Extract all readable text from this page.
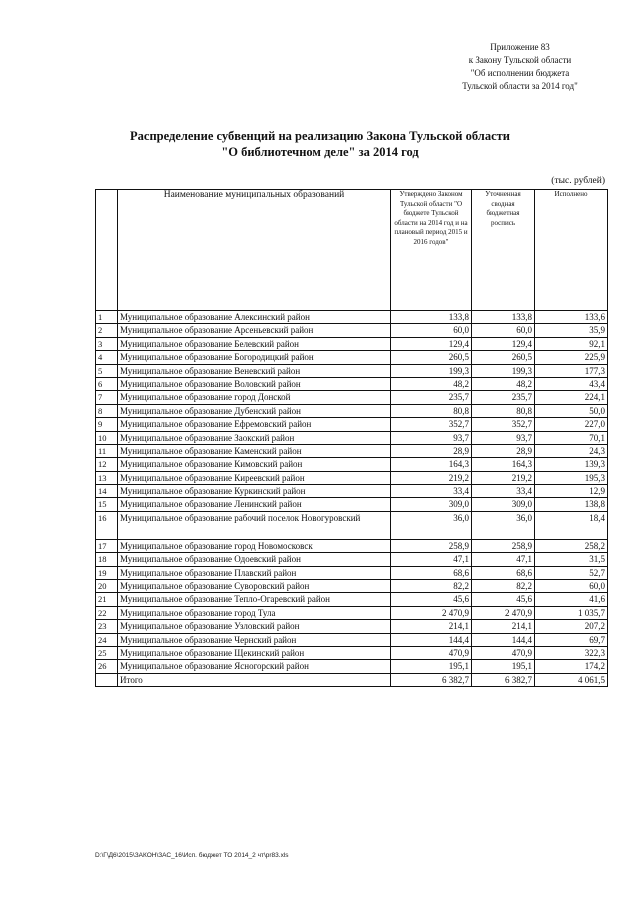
Приложение 83
к Закону Тульской области
"Об исполнении бюджета
Тульской области за 2014 год"
Распределение субвенций на реализацию Закона Тульской области
"О библиотечном деле" за 2014 год
(тыс. рублей)
	Наименование муниципальных образований	Утверждено Законом Тульской области "О бюджете Тульской области на 2014 год и на плановый период 2015 и 2016 годов"	Уточненная сводная бюджетная роспись	Исполнено
1	Муниципальное образование Алексинский район	133,8	133,8	133,6
2	Муниципальное образование Арсеньевский район	60,0	60,0	35,9
3	Муниципальное образование Белевский район	129,4	129,4	92,1
4	Муниципальное образование Богородицкий район	260,5	260,5	225,9
5	Муниципальное образование Веневский район	199,3	199,3	177,3
6	Муниципальное образование Воловский район	48,2	48,2	43,4
7	Муниципальное образование город Донской	235,7	235,7	224,1
8	Муниципальное образование Дубенский район	80,8	80,8	50,0
9	Муниципальное образование Ефремовский район	352,7	352,7	227,0
10	Муниципальное образование Заокский район	93,7	93,7	70,1
11	Муниципальное образование Каменский район	28,9	28,9	24,3
12	Муниципальное образование Кимовский район	164,3	164,3	139,3
13	Муниципальное образование Киреевский район	219,2	219,2	195,3
14	Муниципальное образование Куркинский район	33,4	33,4	12,9
15	Муниципальное образование Ленинский район	309,0	309,0	138,8
16	Муниципальное образование рабочий поселок Новогуровский	36,0	36,0	18,4
17	Муниципальное образование город Новомосковск	258,9	258,9	258,2
18	Муниципальное образование Одоевский район	47,1	47,1	31,5
19	Муниципальное образование Плавский район	68,6	68,6	52,7
20	Муниципальное образование Суворовский район	82,2	82,2	60,0
21	Муниципальное образование Тепло-Огаревский район	45,6	45,6	41,6
22	Муниципальное образование город Тула	2 470,9	2 470,9	1 035,7
23	Муниципальное образование Узловский район	214,1	214,1	207,2
24	Муниципальное образование Чернский район	144,4	144,4	69,7
25	Муниципальное образование Щекинский район	470,9	470,9	322,3
26	Муниципальное образование Ясногорский район	195,1	195,1	174,2
	Итого	6 382,7	6 382,7	4 061,5
D:\Г\Д6\2015\ЗАКОН\ЗАС_16\Исп. бюджет ТО 2014_2 чт\pr83.xls
